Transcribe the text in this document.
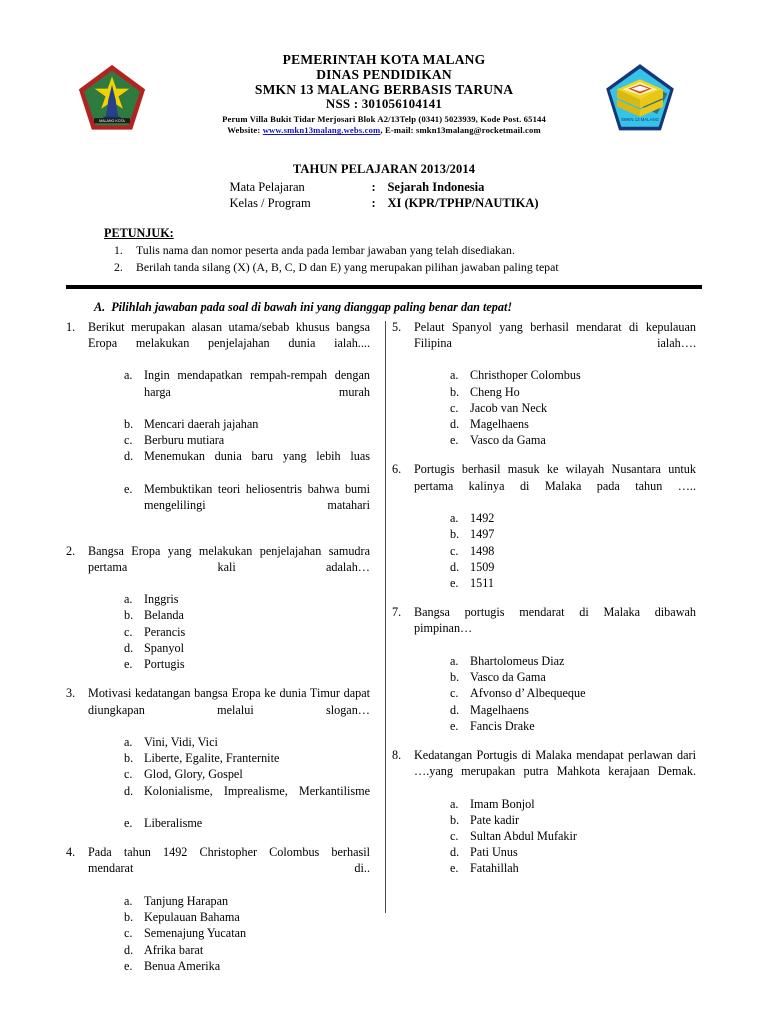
MALANG KOTA	SMKN 13 MALANG
PEMERINTAH KOTA MALANG
DINAS PENDIDIKAN
SMKN 13 MALANG BERBASIS TARUNA
NSS : 301056104141
Perum Villa Bukit Tidar Merjosari Blok A2/13Telp (0341) 5023939, Kode Post. 65144
Website: www.smkn13malang.webs.com, E-mail: smkn13malang@rocketmail.com
TAHUN PELAJARAN 2013/2014
Mata Pelajaran	:	Sejarah Indonesia
Kelas / Program	:	XI (KPR/TPHP/NAUTIKA)
PETUNJUK:
1.	Tulis nama dan nomor peserta anda pada lembar jawaban yang telah disediakan.
2.	Berilah tanda silang (X) (A, B, C, D dan E) yang merupakan pilihan jawaban paling tepat
A. Pilihlah jawaban pada soal di bawah ini yang dianggap paling benar dan tepat!
1.	Berikut merupakan alasan utama/sebab khusus bangsa Eropa melakukan penjelajahan dunia ialah....
a. Ingin mendapatkan rempah-rempah dengan harga murah
b. Mencari daerah jajahan
c. Berburu mutiara
d. Menemukan dunia baru yang lebih luas
e. Membuktikan teori heliosentris bahwa bumi mengelilingi matahari
2.	Bangsa Eropa yang melakukan penjelajahan samudra pertama kali adalah…
a. Inggris
b. Belanda
c. Perancis
d. Spanyol
e. Portugis
3.	Motivasi kedatangan bangsa Eropa ke dunia Timur dapat diungkapan melalui slogan…
a. Vini, Vidi, Vici
b. Liberte, Egalite, Franternite
c. Glod, Glory, Gospel
d. Kolonialisme, Imprealisme, Merkantilisme
e. Liberalisme
4.	Pada tahun 1492 Christopher Colombus berhasil mendarat di..
a. Tanjung Harapan
b. Kepulauan Bahama
c. Semenajung Yucatan
d. Afrika barat
e. Benua Amerika
5.	Pelaut Spanyol yang berhasil mendarat di kepulauan Filipina ialah….
a. Christhoper Colombus
b. Cheng Ho
c. Jacob van Neck
d. Magelhaens
e. Vasco da Gama
6.	Portugis berhasil masuk ke wilayah Nusantara untuk pertama kalinya di Malaka pada tahun …..
a. 1492
b. 1497
c. 1498
d. 1509
e. 1511
7.	Bangsa portugis mendarat di Malaka dibawah pimpinan…
a. Bhartolomeus Diaz
b. Vasco da Gama
c. Afvonso d’ Albequeque
d. Magelhaens
e. Fancis Drake
8.	Kedatangan Portugis di Malaka mendapat perlawan dari ….yang merupakan putra Mahkota kerajaan Demak.
a. Imam Bonjol
b. Pate kadir
c. Sultan Abdul Mufakir
d. Pati Unus
e. Fatahillah
